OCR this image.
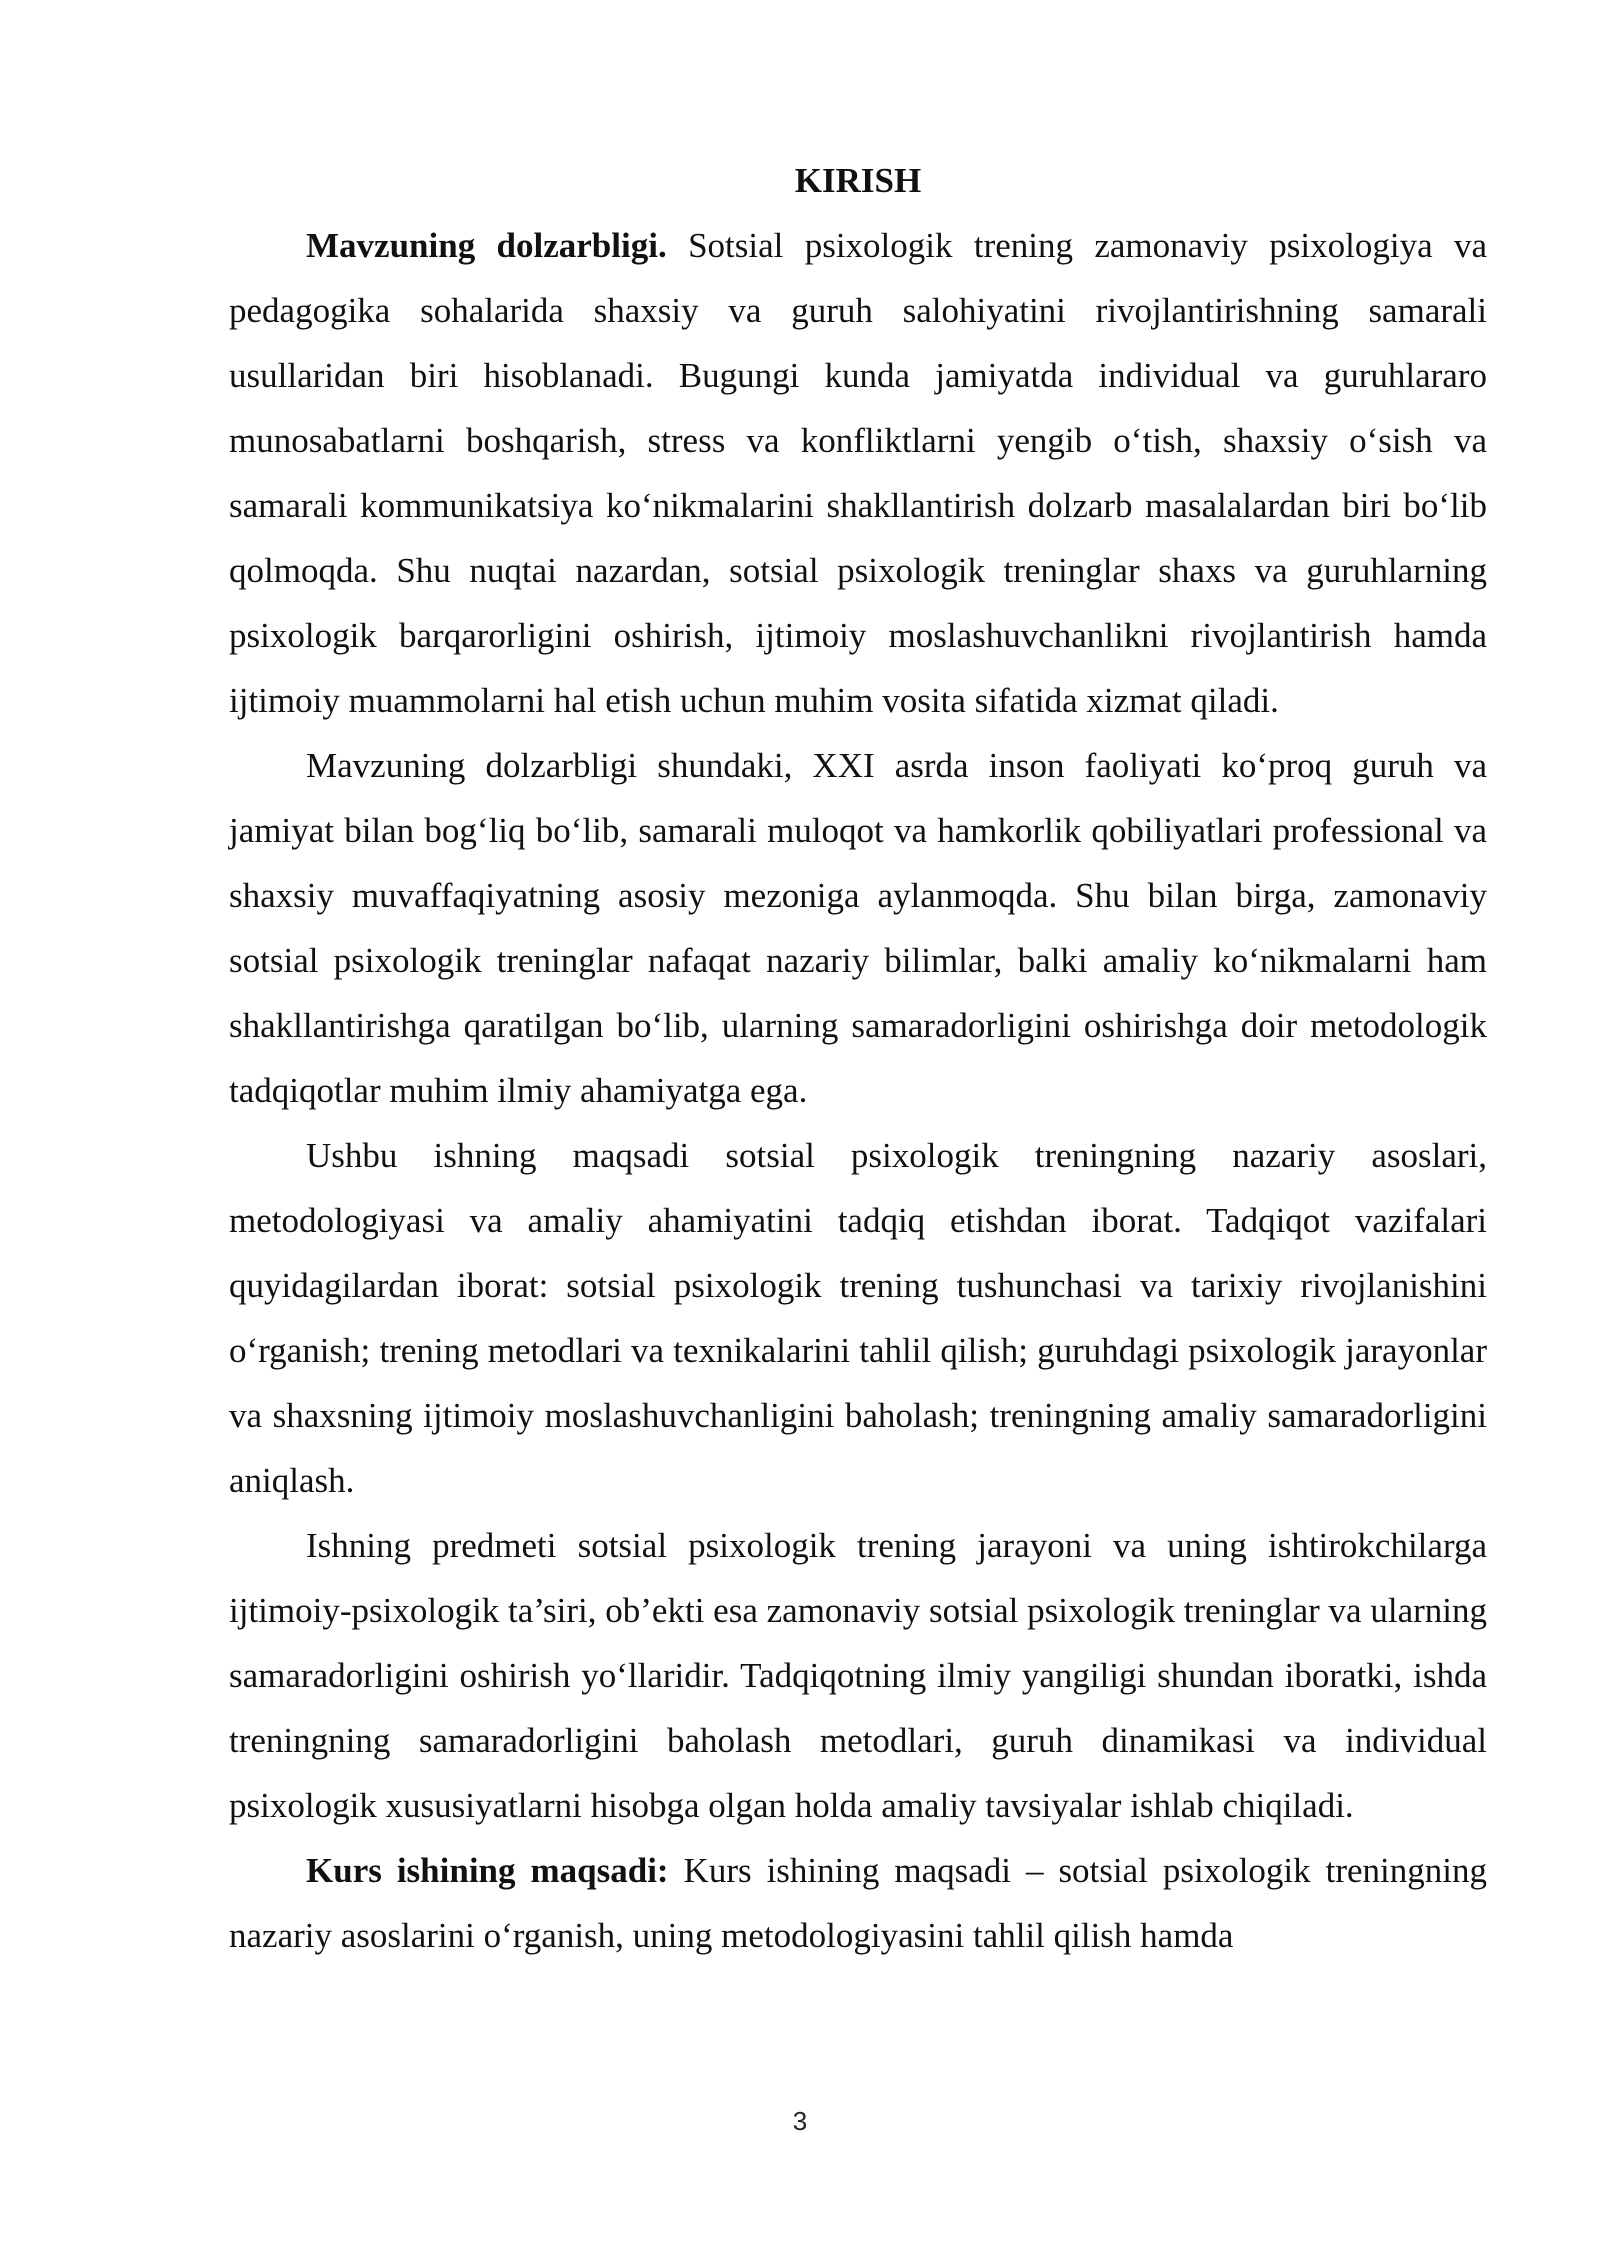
KIRISH

Mavzuning dolzarbligi. Sotsial psixologik trening zamonaviy psixologiya va pedagogika sohalarida shaxsiy va guruh salohiyatini rivojlantirishning samarali usullaridan biri hisoblanadi. Bugungi kunda jamiyatda individual va guruhlararo munosabatlarni boshqarish, stress va konfliktlarni yengib o‘tish, shaxsiy o‘sish va samarali kommunikatsiya ko‘nikmalarini shakllantirish dolzarb masalalardan biri bo‘lib qolmoqda. Shu nuqtai nazardan, sotsial psixologik treninglar shaxs va guruhlarning psixologik barqarorligini oshirish, ijtimoiy moslashuvchanlikni rivojlantirish hamda ijtimoiy muammolarni hal etish uchun muhim vosita sifatida xizmat qiladi.

Mavzuning dolzarbligi shundaki, XXI asrda inson faoliyati ko‘proq guruh va jamiyat bilan bog‘liq bo‘lib, samarali muloqot va hamkorlik qobiliyatlari professional va shaxsiy muvaffaqiyatning asosiy mezoniga aylanmoqda. Shu bilan birga, zamonaviy sotsial psixologik treninglar nafaqat nazariy bilimlar, balki amaliy ko‘nikmalarni ham shakllantirishga qaratilgan bo‘lib, ularning samaradorligini oshirishga doir metodologik tadqiqotlar muhim ilmiy ahamiyatga ega.

Ushbu ishning maqsadi sotsial psixologik treningning nazariy asoslari, metodologiyasi va amaliy ahamiyatini tadqiq etishdan iborat. Tadqiqot vazifalari quyidagilardan iborat: sotsial psixologik trening tushunchasi va tarixiy rivojlanishini o‘rganish; trening metodlari va texnikalarini tahlil qilish; guruhdagi psixologik jarayonlar va shaxsning ijtimoiy moslashuvchanligini baholash; treningning amaliy samaradorligini aniqlash.

Ishning predmeti sotsial psixologik trening jarayoni va uning ishtirokchilarga ijtimoiy-psixologik ta’siri, ob’ekti esa zamonaviy sotsial psixologik treninglar va ularning samaradorligini oshirish yo‘llaridir. Tadqiqotning ilmiy yangiligi shundan iboratki, ishda treningning samaradorligini baholash metodlari, guruh dinamikasi va individual psixologik xususiyatlarni hisobga olgan holda amaliy tavsiyalar ishlab chiqiladi.

Kurs ishining maqsadi: Kurs ishining maqsadi – sotsial psixologik treningning nazariy asoslarini o‘rganish, uning metodologiyasini tahlil qilish hamda

3
